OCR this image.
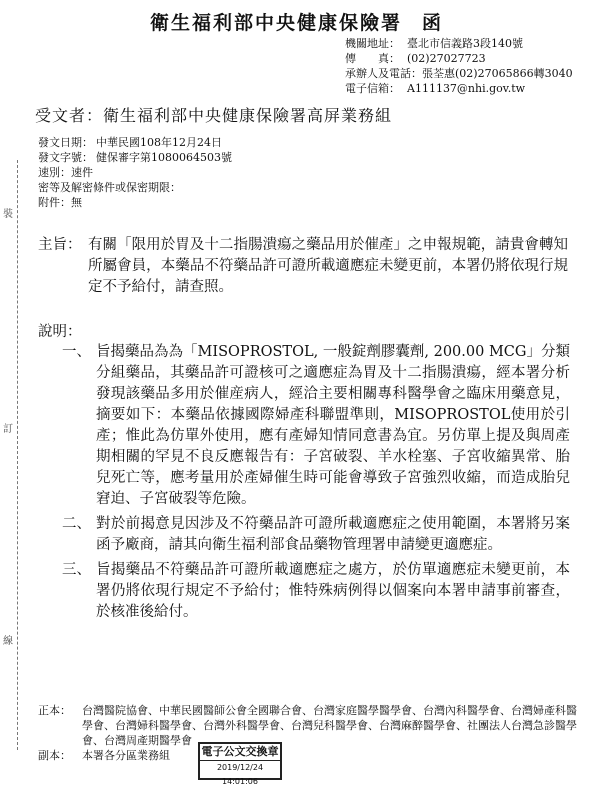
裝
訂
線
衛生福利部中央健康保險署 函
機關地址： 臺北市信義路3段140號
傳　　真： (02)27027723
承辦人及電話： 張荃惠(02)27065866轉3040
電子信箱： A111137@nhi.gov.tw
受文者：衛生福利部中央健康保險署高屏業務組
發文日期： 中華民國108年12月24日
發文字號： 健保審字第1080064503號
速別： 速件
密等及解密條件或保密期限：
附件： 無
主旨： 有關「限用於胃及十二指腸潰瘍之藥品用於催產」之申報規範，請貴會轉知所屬會員，本藥品不符藥品許可證所載適應症未變更前，本署仍將依現行規定不予給付，請查照。
說明：
一、 旨揭藥品為為「MISOPROSTOL, 一般錠劑膠囊劑, 200.00 MCG」分類分組藥品，其藥品許可證核可之適應症為胃及十二指腸潰瘍，經本署分析發現該藥品多用於催産病人，經洽主要相關專科醫學會之臨床用藥意見，摘要如下：本藥品依據國際婦產科聯盟準則，MISOPROSTOL使用於引產；惟此為仿單外使用，應有產婦知情同意書為宜。另仿單上提及與周產期相關的罕見不良反應報告有：子宮破裂、羊水栓塞、子宮收縮異常、胎兒死亡等，應考量用於產婦催生時可能會導致子宮強烈收縮，而造成胎兒窘迫、子宮破裂等危險。
二、 對於前揭意見因涉及不符藥品許可證所載適應症之使用範圍，本署將另案函予廠商，請其向衛生福利部食品藥物管理署申請變更適應症。
三、 旨揭藥品不符藥品許可證所載適應症之處方，於仿單適應症未變更前，本署仍將依現行規定不予給付；惟特殊病例得以個案向本署申請事前審查，於核准後給付。
正本： 台灣醫院協會、中華民國醫師公會全國聯合會、台灣家庭醫學醫學會、台灣內科醫學會、台灣婦產科醫學會、台灣婦科醫學會、台灣外科醫學會、台灣兒科醫學會、台灣麻醉醫學會、社團法人台灣急診醫學會、台灣周產期醫學會
副本： 本署各分區業務組	電子公文交換章
2019/12/24 14:01:06
